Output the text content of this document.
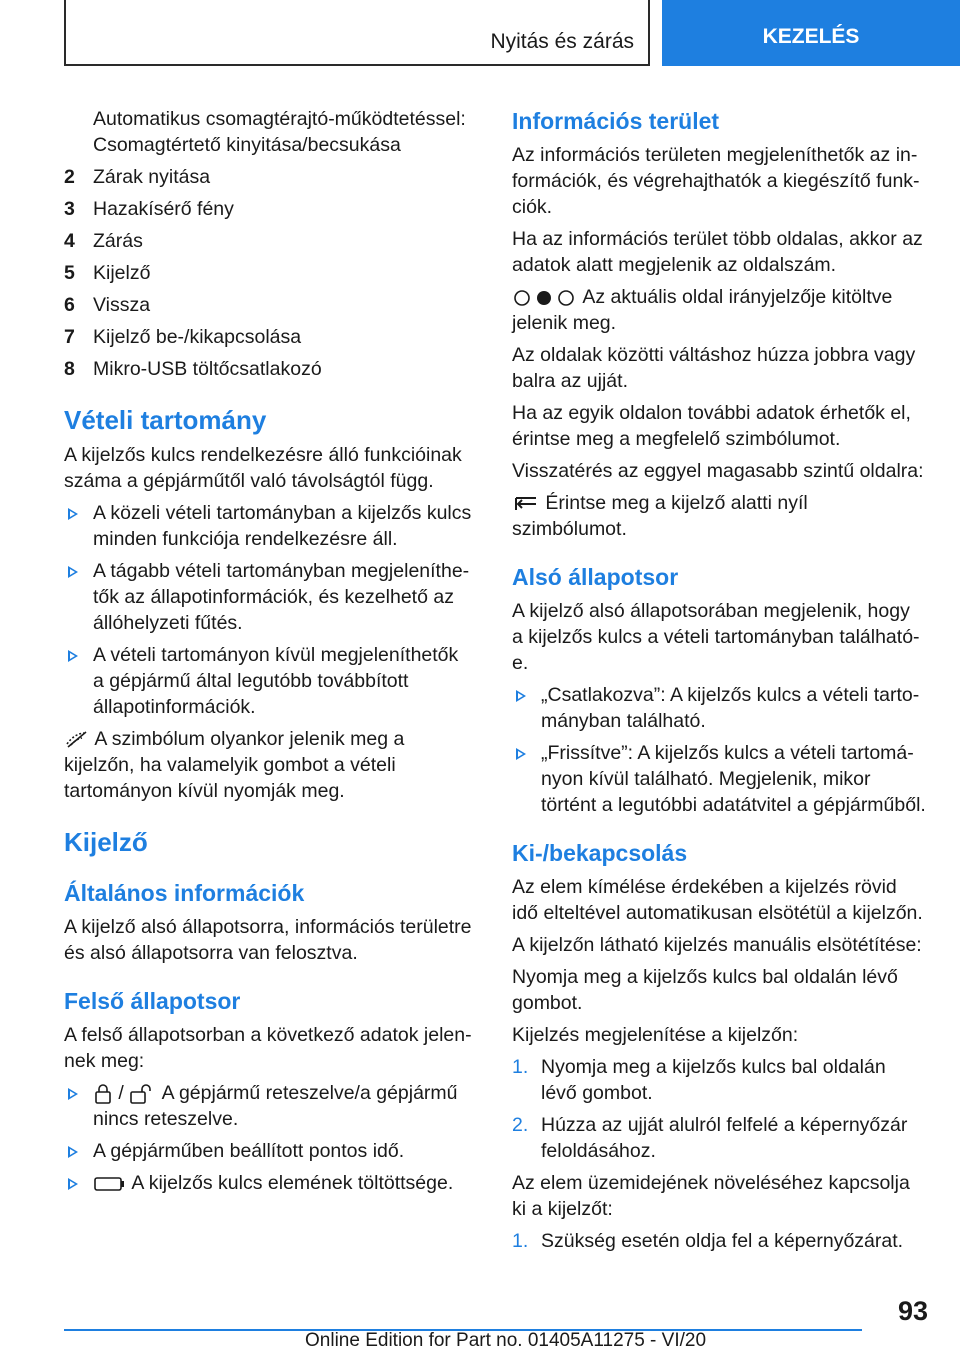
Nyitás és zárás	KEZELÉS

Automatikus csomagtérajtó-működtetéssel: Csomagtértető kinyitása/becsukása

2 Zárak nyitása
3 Hazakísérő fény
4 Zárás
5 Kijelző
6 Vissza
7 Kijelző be-/kikapcsolása
8 Mikro-USB töltőcsatlakozó
Vételi tartomány

A kijelzős kulcs rendelkezésre álló funkcióinak száma a gépjárműtől való távolságtól függ.

A közeli vételi tartományban a kijelzős kulcs minden funkciója rendelkezésre áll.
A tágabb vételi tartományban megjeleníthetők az állapotinformációk, és kezelhető az állóhelyzeti fűtés.
A vételi tartományon kívül megjeleníthetők a gépjármű által legutóbb továbbított állapotinformációk.

A szimbólum olyankor jelenik meg a kijelzőn, ha valamelyik gombot a vételi tartományon kívül nyomják meg.

Kijelző
Általános információk

A kijelző alsó állapotsorra, információs területre és alsó állapotsorra van felosztva.

Felső állapotsor

A felső állapotsorban a következő adatok jelennek meg:

/ A gépjármű reteszelve/a gépjármű nincs reteszelve.
A gépjárműben beállított pontos idő.
A kijelzős kulcs elemének töltöttsége.
Információs terület

Az információs területen megjeleníthetők az információk, és végrehajthatók a kiegészítő funkciók.

Ha az információs terület több oldalas, akkor az adatok alatt megjelenik az oldalszám.

Az aktuális oldal irányjelzője kitöltve jelenik meg.

Az oldalak közötti váltáshoz húzza jobbra vagy balra az ujját.

Ha az egyik oldalon további adatok érhetők el, érintse meg a megfelelő szimbólumot.

Visszatérés az eggyel magasabb szintű oldalra:

Érintse meg a kijelző alatti nyíl szimbólumot.

Alsó állapotsor

A kijelző alsó állapotsorában megjelenik, hogy a kijelzős kulcs a vételi tartományban található-e.

„Csatlakozva”: A kijelzős kulcs a vételi tartományban található.
„Frissítve”: A kijelzős kulcs a vételi tartományon kívül található. Megjelenik, mikor történt a legutóbbi adatátvitel a gépjárműből.
Ki-/bekapcsolás

Az elem kímélése érdekében a kijelzés rövid idő elteltével automatikusan elsötétül a kijelzőn.

A kijelzőn látható kijelzés manuális elsötétítése:

Nyomja meg a kijelzős kulcs bal oldalán lévő gombot.

Kijelzés megjelenítése a kijelzőn:

1. Nyomja meg a kijelzős kulcs bal oldalán lévő gombot.
2. Húzza az ujját alulról felfelé a képernyőzár feloldásához.

Az elem üzemidejének növeléséhez kapcsolja ki a kijelzőt:

1. Szükség esetén oldja fel a képernyőzárat.
93
Online Edition for Part no. 01405A11275 - VI/20
